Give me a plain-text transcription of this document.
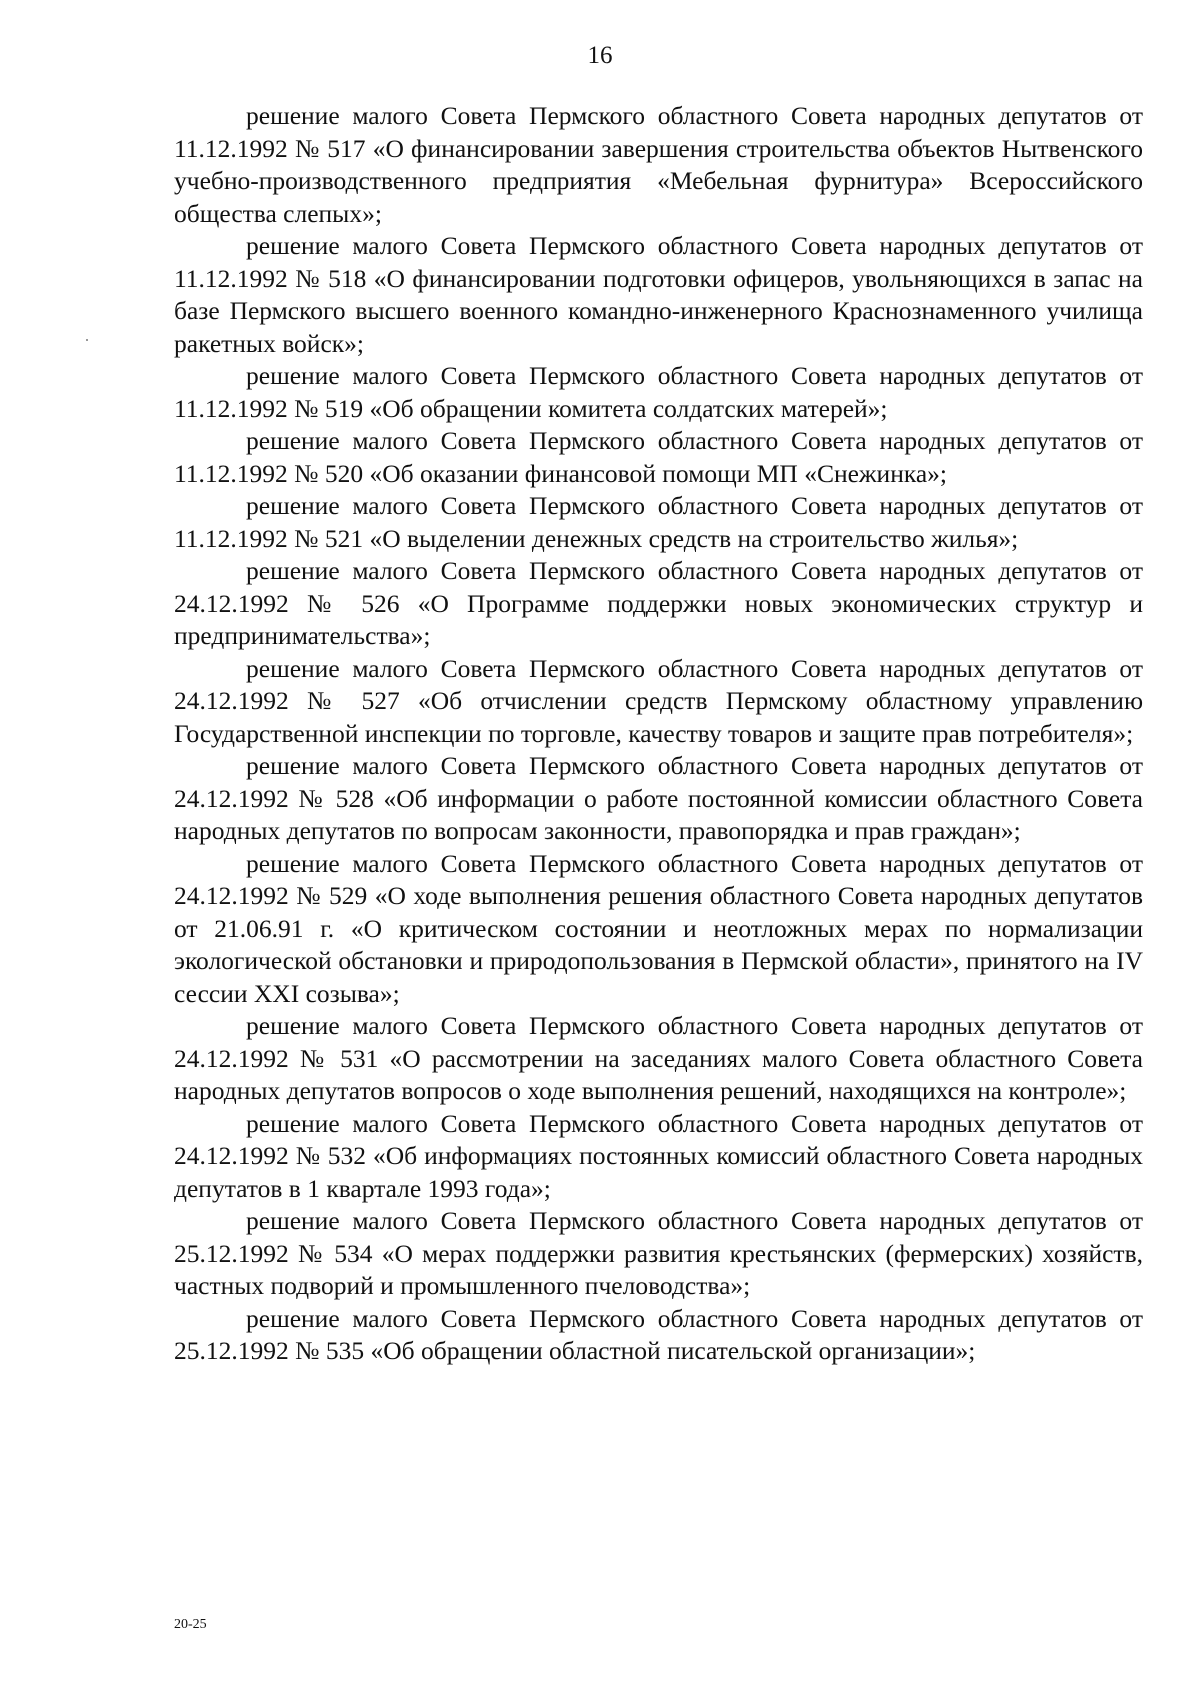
16

решение малого Совета Пермского областного Совета народных депутатов от 11.12.1992 № 517 «О финансировании завершения строительства объектов Нытвенского учебно-производственного предприятия «Мебельная фурнитура» Всероссийского общества слепых»;

решение малого Совета Пермского областного Совета народных депутатов от 11.12.1992 № 518 «О финансировании подготовки офицеров, увольняющихся в запас на базе Пермского высшего военного командно-инженерного Краснознаменного училища ракетных войск»;

решение малого Совета Пермского областного Совета народных депутатов от 11.12.1992 № 519 «Об обращении комитета солдатских матерей»;

решение малого Совета Пермского областного Совета народных депутатов от 11.12.1992 № 520 «Об оказании финансовой помощи МП «Снежинка»;

решение малого Совета Пермского областного Совета народных депутатов от 11.12.1992 № 521 «О выделении денежных средств на строительство жилья»;

решение малого Совета Пермского областного Совета народных депутатов от 24.12.1992 № 526 «О Программе поддержки новых экономических структур и предпринимательства»;

решение малого Совета Пермского областного Совета народных депутатов от 24.12.1992 № 527 «Об отчислении средств Пермскому областному управлению Государственной инспекции по торговле, качеству товаров и защите прав потребителя»;

решение малого Совета Пермского областного Совета народных депутатов от 24.12.1992 № 528 «Об информации о работе постоянной комиссии областного Совета народных депутатов по вопросам законности, правопорядка и прав граждан»;

решение малого Совета Пермского областного Совета народных депутатов от 24.12.1992 № 529 «О ходе выполнения решения областного Совета народных депутатов от 21.06.91 г. «О критическом состоянии и неотложных мерах по нормализации экологической обстановки и природопользования в Пермской области», принятого на IV сессии XXI созыва»;

решение малого Совета Пермского областного Совета народных депутатов от 24.12.1992 № 531 «О рассмотрении на заседаниях малого Совета областного Совета народных депутатов вопросов о ходе выполнения решений, находящихся на контроле»;

решение малого Совета Пермского областного Совета народных депутатов от 24.12.1992 № 532 «Об информациях постоянных комиссий областного Совета народных депутатов в 1 квартале 1993 года»;

решение малого Совета Пермского областного Совета народных депутатов от 25.12.1992 № 534 «О мерах поддержки развития крестьянских (фермерских) хозяйств, частных подворий и промышленного пчеловодства»;

решение малого Совета Пермского областного Совета народных депутатов от 25.12.1992 № 535 «Об обращении областной писательской организации»;

20-25
